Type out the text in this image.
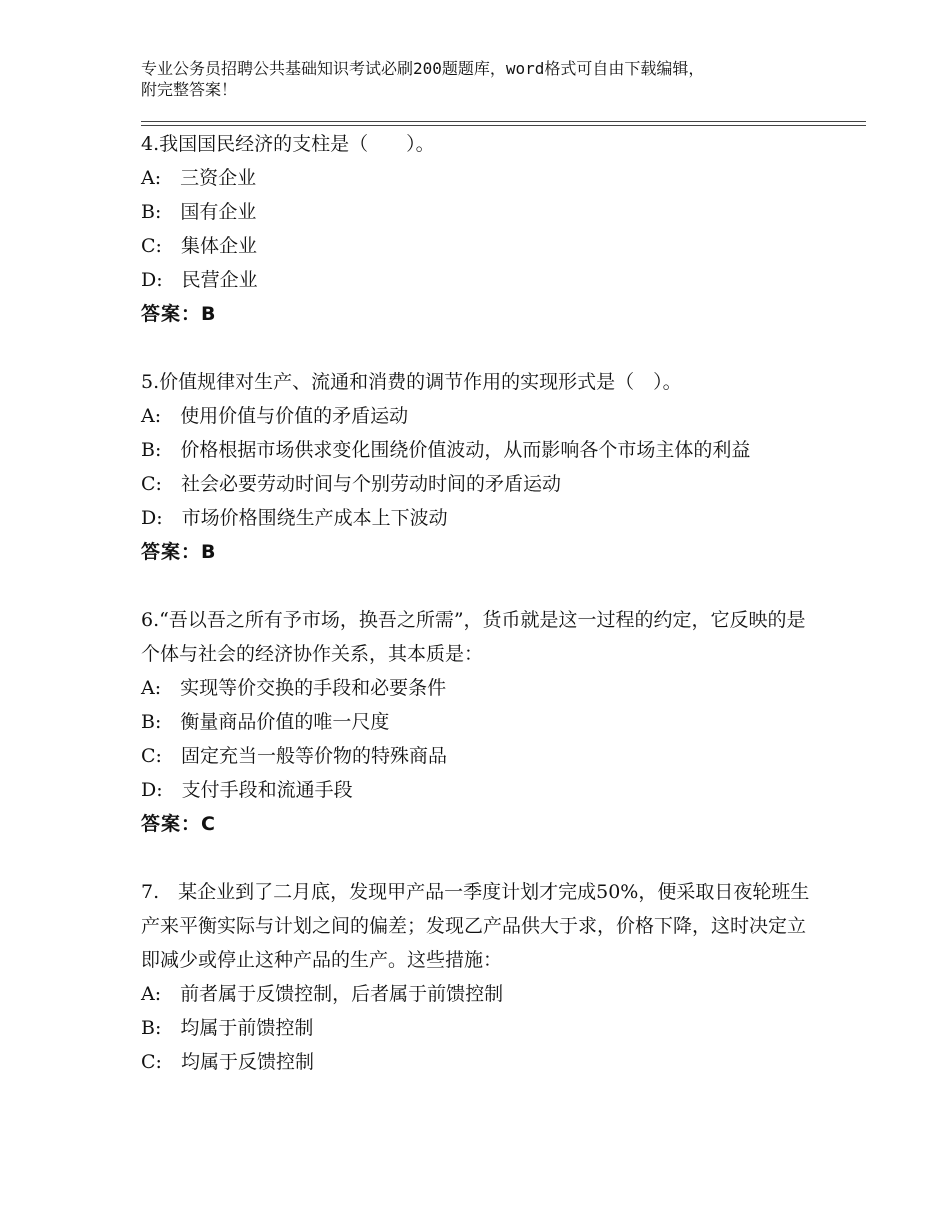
专业公务员招聘公共基础知识考试必刷200题题库，word格式可自由下载编辑，
附完整答案！
4.我国国民经济的支柱是（　　）。
A:　三资企业
B:　国有企业
C:　集体企业
D:　民营企业
答案：B
5.价值规律对生产、流通和消费的调节作用的实现形式是（　）。
A:　使用价值与价值的矛盾运动
B:　价格根据市场供求变化围绕价值波动，从而影响各个市场主体的利益
C:　社会必要劳动时间与个别劳动时间的矛盾运动
D:　市场价格围绕生产成本上下波动
答案：B
6.“吾以吾之所有予市场，换吾之所需”，货币就是这一过程的约定，它反映的是个体与社会的经济协作关系，其本质是：
A:　实现等价交换的手段和必要条件
B:　衡量商品价值的唯一尺度
C:　固定充当一般等价物的特殊商品
D:　支付手段和流通手段
答案：C
7.　某企业到了二月底，发现甲产品一季度计划才完成50%，便采取日夜轮班生产来平衡实际与计划之间的偏差；发现乙产品供大于求，价格下降，这时决定立即减少或停止这种产品的生产。这些措施：
A:　前者属于反馈控制，后者属于前馈控制
B:　均属于前馈控制
C:　均属于反馈控制
